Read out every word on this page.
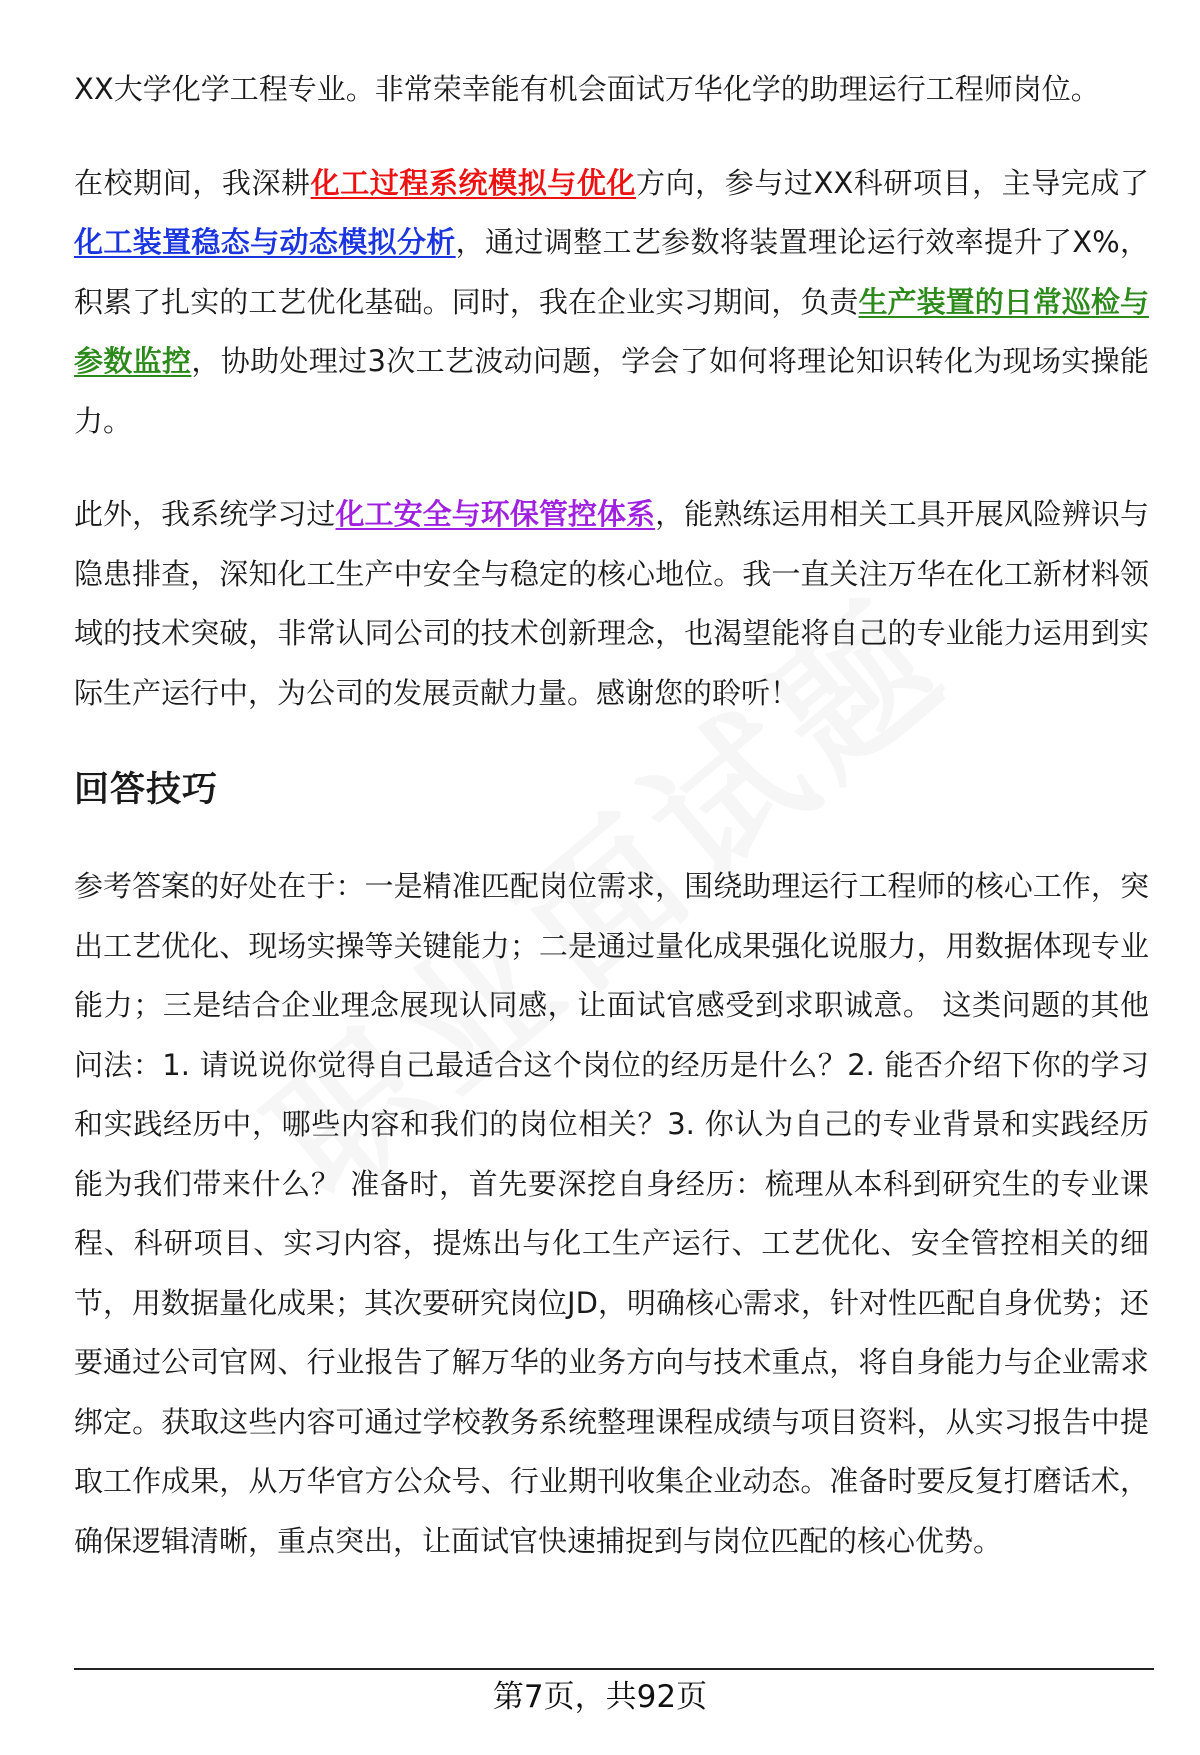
XX大学化学工程专业。非常荣幸能有机会面试万华化学的助理运行工程师岗位。

在校期间，我深耕化工过程系统模拟与优化方向，参与过XX科研项目，主导完成了化工装置稳态与动态模拟分析，通过调整工艺参数将装置理论运行效率提升了X%，积累了扎实的工艺优化基础。同时，我在企业实习期间，负责生产装置的日常巡检与参数监控，协助处理过3次工艺波动问题，学会了如何将理论知识转化为现场实操能力。

此外，我系统学习过化工安全与环保管控体系，能熟练运用相关工具开展风险辨识与隐患排查，深知化工生产中安全与稳定的核心地位。我一直关注万华在化工新材料领域的技术突破，非常认同公司的技术创新理念，也渴望能将自己的专业能力运用到实际生产运行中，为公司的发展贡献力量。感谢您的聆听！

回答技巧

参考答案的好处在于：一是精准匹配岗位需求，围绕助理运行工程师的核心工作，突出工艺优化、现场实操等关键能力；二是通过量化成果强化说服力，用数据体现专业能力；三是结合企业理念展现认同感，让面试官感受到求职诚意。 这类问题的其他问法：1. 请说说你觉得自己最适合这个岗位的经历是什么？2. 能否介绍下你的学习和实践经历中，哪些内容和我们的岗位相关？3. 你认为自己的专业背景和实践经历能为我们带来什么？ 准备时，首先要深挖自身经历：梳理从本科到研究生的专业课程、科研项目、实习内容，提炼出与化工生产运行、工艺优化、安全管控相关的细节，用数据量化成果；其次要研究岗位JD，明确核心需求，针对性匹配自身优势；还要通过公司官网、行业报告了解万华的业务方向与技术重点，将自身能力与企业需求绑定。获取这些内容可通过学校教务系统整理课程成绩与项目资料，从实习报告中提取工作成果，从万华官方公众号、行业期刊收集企业动态。准备时要反复打磨话术，确保逻辑清晰，重点突出，让面试官快速捕捉到与岗位匹配的核心优势。

第7页，共92页
